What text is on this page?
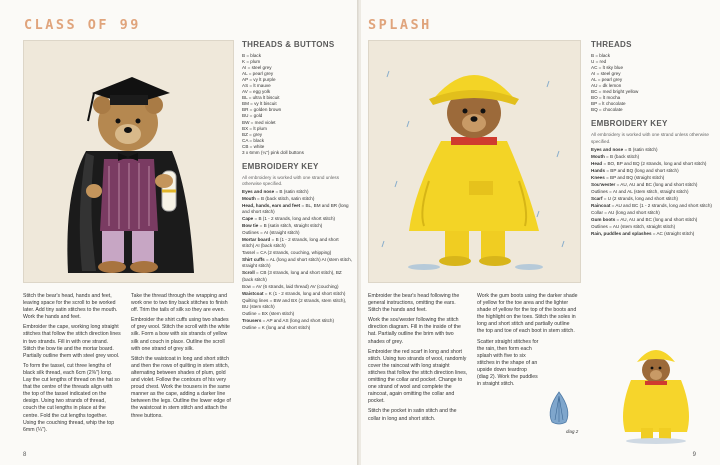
CLASS OF 99
THREADS & BUTTONS
B = black
K = plum
AI = steel grey
AL = pearl grey
AP = vy lt purple
AS = lt mauve
AV = egg yolk
BL = ultra lt biscuit
BM = vy lt biscuit
BR = golden brown
BU = gold
BW = med violet
BX = lt plum
BZ = grey
CA = black
CB = white
3 x 6mm (¼") pink doll buttons
EMBROIDERY KEY
All embroidery is worked with one strand unless otherwise specified.
Eyes and nose = B (satin stitch)
Mouth = B (back stitch, satin stitch)
Head, hands, ears and feet = BL, BM and BR (long and short stitch)
Cape = B (1 - 2 strands, long and short stitch)
Bow tie = B (satin stitch, straight stitch)
Outlines = AI (straight stitch)
Mortar board = B (1 - 2 strands, long and short stitch) AI (back stitch)
Tassel = CA (2 strands, couching, whipping)
Shirt cuffs = AL (long and short stitch) AI (stem stitch, straight stitch)
Scroll = CB (3 strands, long and short stitch), BZ (back stitch)
Bow = AV (6 strands, laid thread) AV (couching)
Waistcoat = K (1 - 2 strands, long and short stitch)
Quilting lines = BW and BX (2 strands, stem stitch), BU (stem stitch)
Outline = BX (stem stitch)
Trousers = AP and AS (long and short stitch)
Outline = K (long and short stitch)

Stitch the bear's head, hands and feet, leaving space for the scroll to be worked later. Add tiny satin stitches to the mouth. Work the hands and feet.

Embroider the cape, working long straight stitches that follow the stitch direction lines in two strands. Fill in with one strand. Stitch the bow tie and the mortar board. Partially outline them with steel grey wool.

To form the tassel, cut three lengths of black silk thread, each 6cm (2⅜") long. Lay the cut lengths of thread on the hat so that the centre of the threads align with the top of the tassel indicated on the design. Using two strands of thread, couch the cut lengths in place at the centre. Fold the cut lengths together. Using the couching thread, whip the top 6mm (¼").

Take the thread through the wrapping and work one to two tiny back stitches to finish off. Trim the tails of silk so they are even.

Embroider the shirt cuffs using two shades of grey wool. Stitch the scroll with the white silk. Form a bow with six strands of yellow silk and couch in place. Outline the scroll with one strand of grey silk.

Stitch the waistcoat in long and short stitch and then the rows of quilting in stem stitch, alternating between shades of plum, gold and violet. Follow the contours of his very proud chest. Work the trousers in the same manner as the cape, adding a darker line between the legs. Outline the lower edge of the waistcoat in stem stitch and attach the three buttons.

8
SPLASH
THREADS
B = black
U = red
AC = lt sky blue
AI = steel grey
AL = pearl grey
AU = dk lemon
BC = med bright yellow
BO = lt mocha
BP = lt chocolate
BQ = chocolate
EMBROIDERY KEY
All embroidery is worked with one strand unless otherwise specified.
Eyes and nose = B (satin stitch)
Mouth = B (back stitch)
Head = BO, BP and BQ (2 strands, long and short stitch)
Hands = BP and BQ (long and short stitch)
Knees = BP and BQ (straight stitch)
Sou'wester = AU, AU and BC (long and short stitch)
Outlines = AI and AL (stem stitch, straight stitch)
Scarf = U (2 strands, long and short stitch)
Raincoat = AU and BC (1 - 2 strands, long and short stitch)
Collar = AU (long and short stitch)
Gum boots = AU, AU and BC (long and short stitch)
Outlines = AU (stem stitch, straight stitch)
Rain, puddles and splashes = AC (straight stitch)

Embroider the bear's head following the general instructions, omitting the ears. Stitch the hands and feet.

Work the sou'wester following the stitch direction diagram. Fill in the inside of the hat. Partially outline the brim with two shades of grey.

Embroider the red scarf in long and short stitch. Using two strands of wool, randomly cover the raincoat with long straight stitches that follow the stitch direction lines, omitting the collar and pocket. Change to one strand of wool and complete the raincoat, again omitting the collar and pocket.

Stitch the pocket in satin stitch and the collar in long and short stitch.

Work the gum boots using the darker shade of yellow for the toe area and the lighter shade of yellow for the top of the boots and the highlight on the toes. Stitch the soles in long and short stitch and partially outline the top and toe of each boot in stem stitch.

Scatter straight stitches for the rain, then form each splash with five to six stitches in the shape of an upside down teardrop (diag 2). Work the puddles in straight stitch.

diag 2
9
